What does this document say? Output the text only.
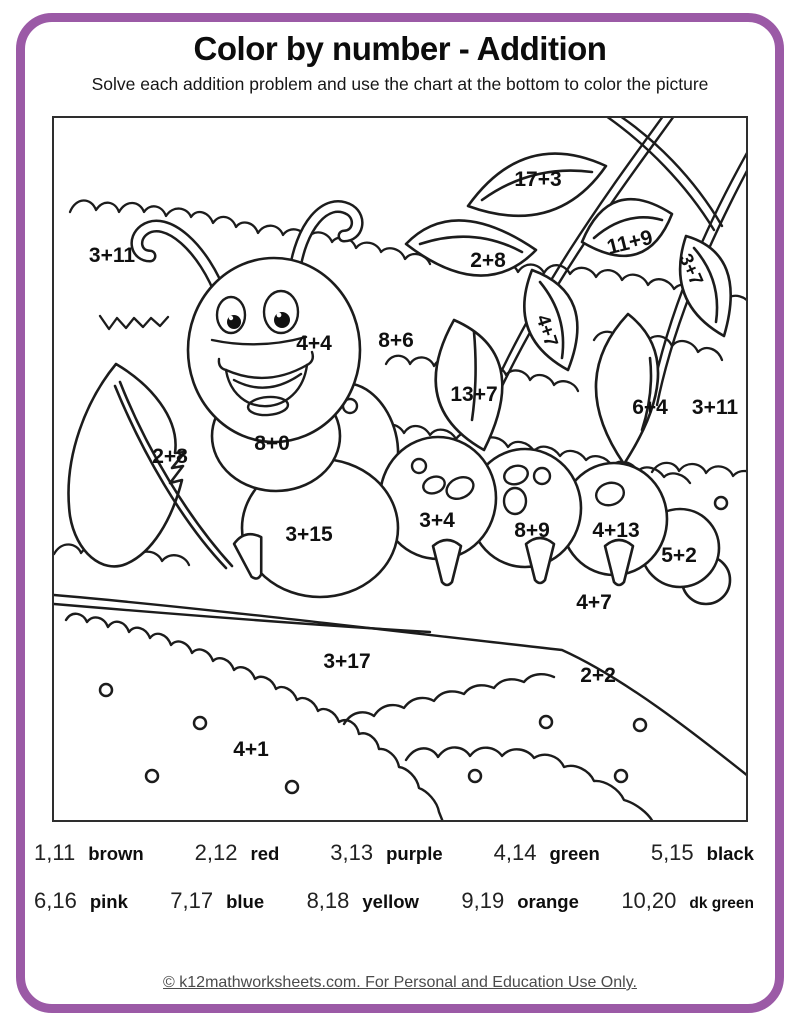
Color by number - Addition
Solve each addition problem and use the chart at the bottom to color the picture
3+11
17+3
2+8
11+9
3+7
4+7
4+4 8+6
13+7
6+4 3+11
2+8
8+0
3+15
3+4	8+9 4+13
5+2
4+7
3+17
2+2
4+1
1,11 brown 2,12 red 3,13 purple 4,14 green 5,15 black
6,16 pink 7,17 blue 8,18 yellow 9,19 orange 10,20 dk green
© k12mathworksheets.com. For Personal and Education Use Only.
